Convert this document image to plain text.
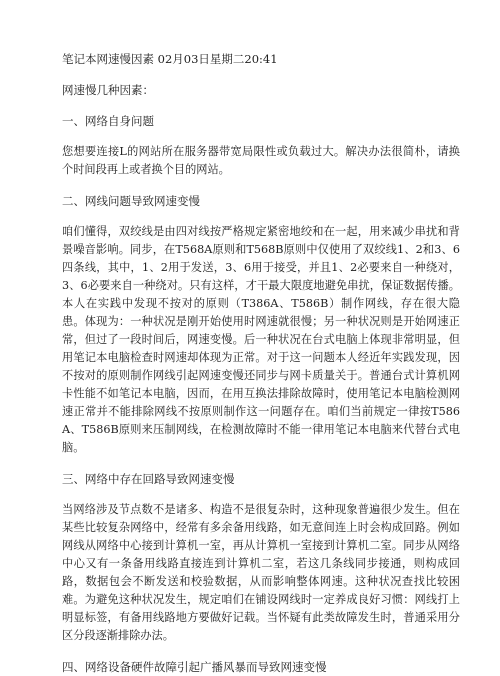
笔记本网速慢因素 02月03日星期二20:41
网速慢几种因素：
一、网络自身问题
您想要连接L的网站所在服务器带宽局限性或负载过大。解决办法很简朴，请换个时间段再上或者换个目的网站。
二、网线问题导致网速变慢
咱们懂得，双绞线是由四对线按严格规定紧密地绞和在一起，用来减少串扰和背景噪音影响。同步，在T568A原则和T568B原则中仅使用了双绞线1、2和3、6四条线，其中，1、2用于发送，3、6用于接受，并且1、2必要来自一种绕对，3、6必要来自一种绕对。只有这样，才干最大限度地避免串扰，保证数据传播。本人在实践中发现不按对的原则（T386A、T586B）制作网线，存在很大隐患。体现为：一种状况是刚开始使用时网速就很慢；另一种状况则是开始网速正常，但过了一段时间后，网速变慢。后一种状况在台式电脑上体现非常明显，但用笔记本电脑检查时网速却体现为正常。对于这一问题本人经近年实践发现，因不按对的原则制作网线引起网速变慢还同步与网卡质量关于。普通台式计算机网卡性能不如笔记本电脑，因而，在用互换法排除故障时，使用笔记本电脑检测网速正常并不能排除网线不按原则制作这一问题存在。咱们当前规定一律按T586A、T586B原则来压制网线，在检测故障时不能一律用笔记本电脑来代替台式电脑。
三、网络中存在回路导致网速变慢
当网络涉及节点数不是诸多、构造不是很复杂时，这种现象普遍很少发生。但在某些比较复杂网络中，经常有多余备用线路，如无意间连上时会构成回路。例如网线从网络中心接到计算机一室，再从计算机一室接到计算机二室。同步从网络中心又有一条备用线路直接连到计算机二室，若这几条线同步接通，则构成回路，数据包会不断发送和校验数据，从而影响整体网速。这种状况查找比较困难。为避免这种状况发生，规定咱们在铺设网线时一定养成良好习惯：网线打上明显标签，有备用线路地方要做好记载。当怀疑有此类故障发生时，普通采用分区分段逐渐排除办法。
四、网络设备硬件故障引起广播风暴而导致网速变慢
